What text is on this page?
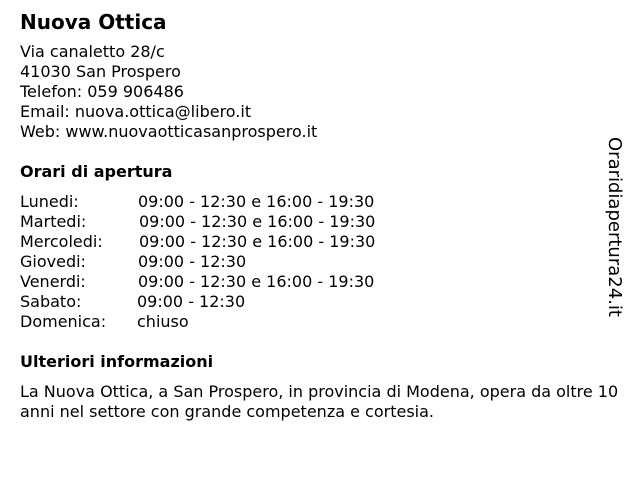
Nuova Ottica
Via canaletto 28/c
41030 San Prospero
Telefon: 059 906486
Email: nuova.ottica@libero.it
Web: www.nuovaotticasanprospero.it
Orari di apertura
Lunedi:	09:00 - 12:30 e 16:00 - 19:30
Martedi:	09:00 - 12:30 e 16:00 - 19:30
Mercoledi: 09:00 - 12:30 e 16:00 - 19:30
Giovedi:	09:00 - 12:30
Venerdi:	09:00 - 12:30 e 16:00 - 19:30
Sabato:	09:00 - 12:30
Domenica: chiuso
Ulteriori informazioni
La Nuova Ottica, a San Prospero, in provincia di Modena, opera da oltre 10 anni nel settore con grande competenza e cortesia.
Oraridiapertura24.it
